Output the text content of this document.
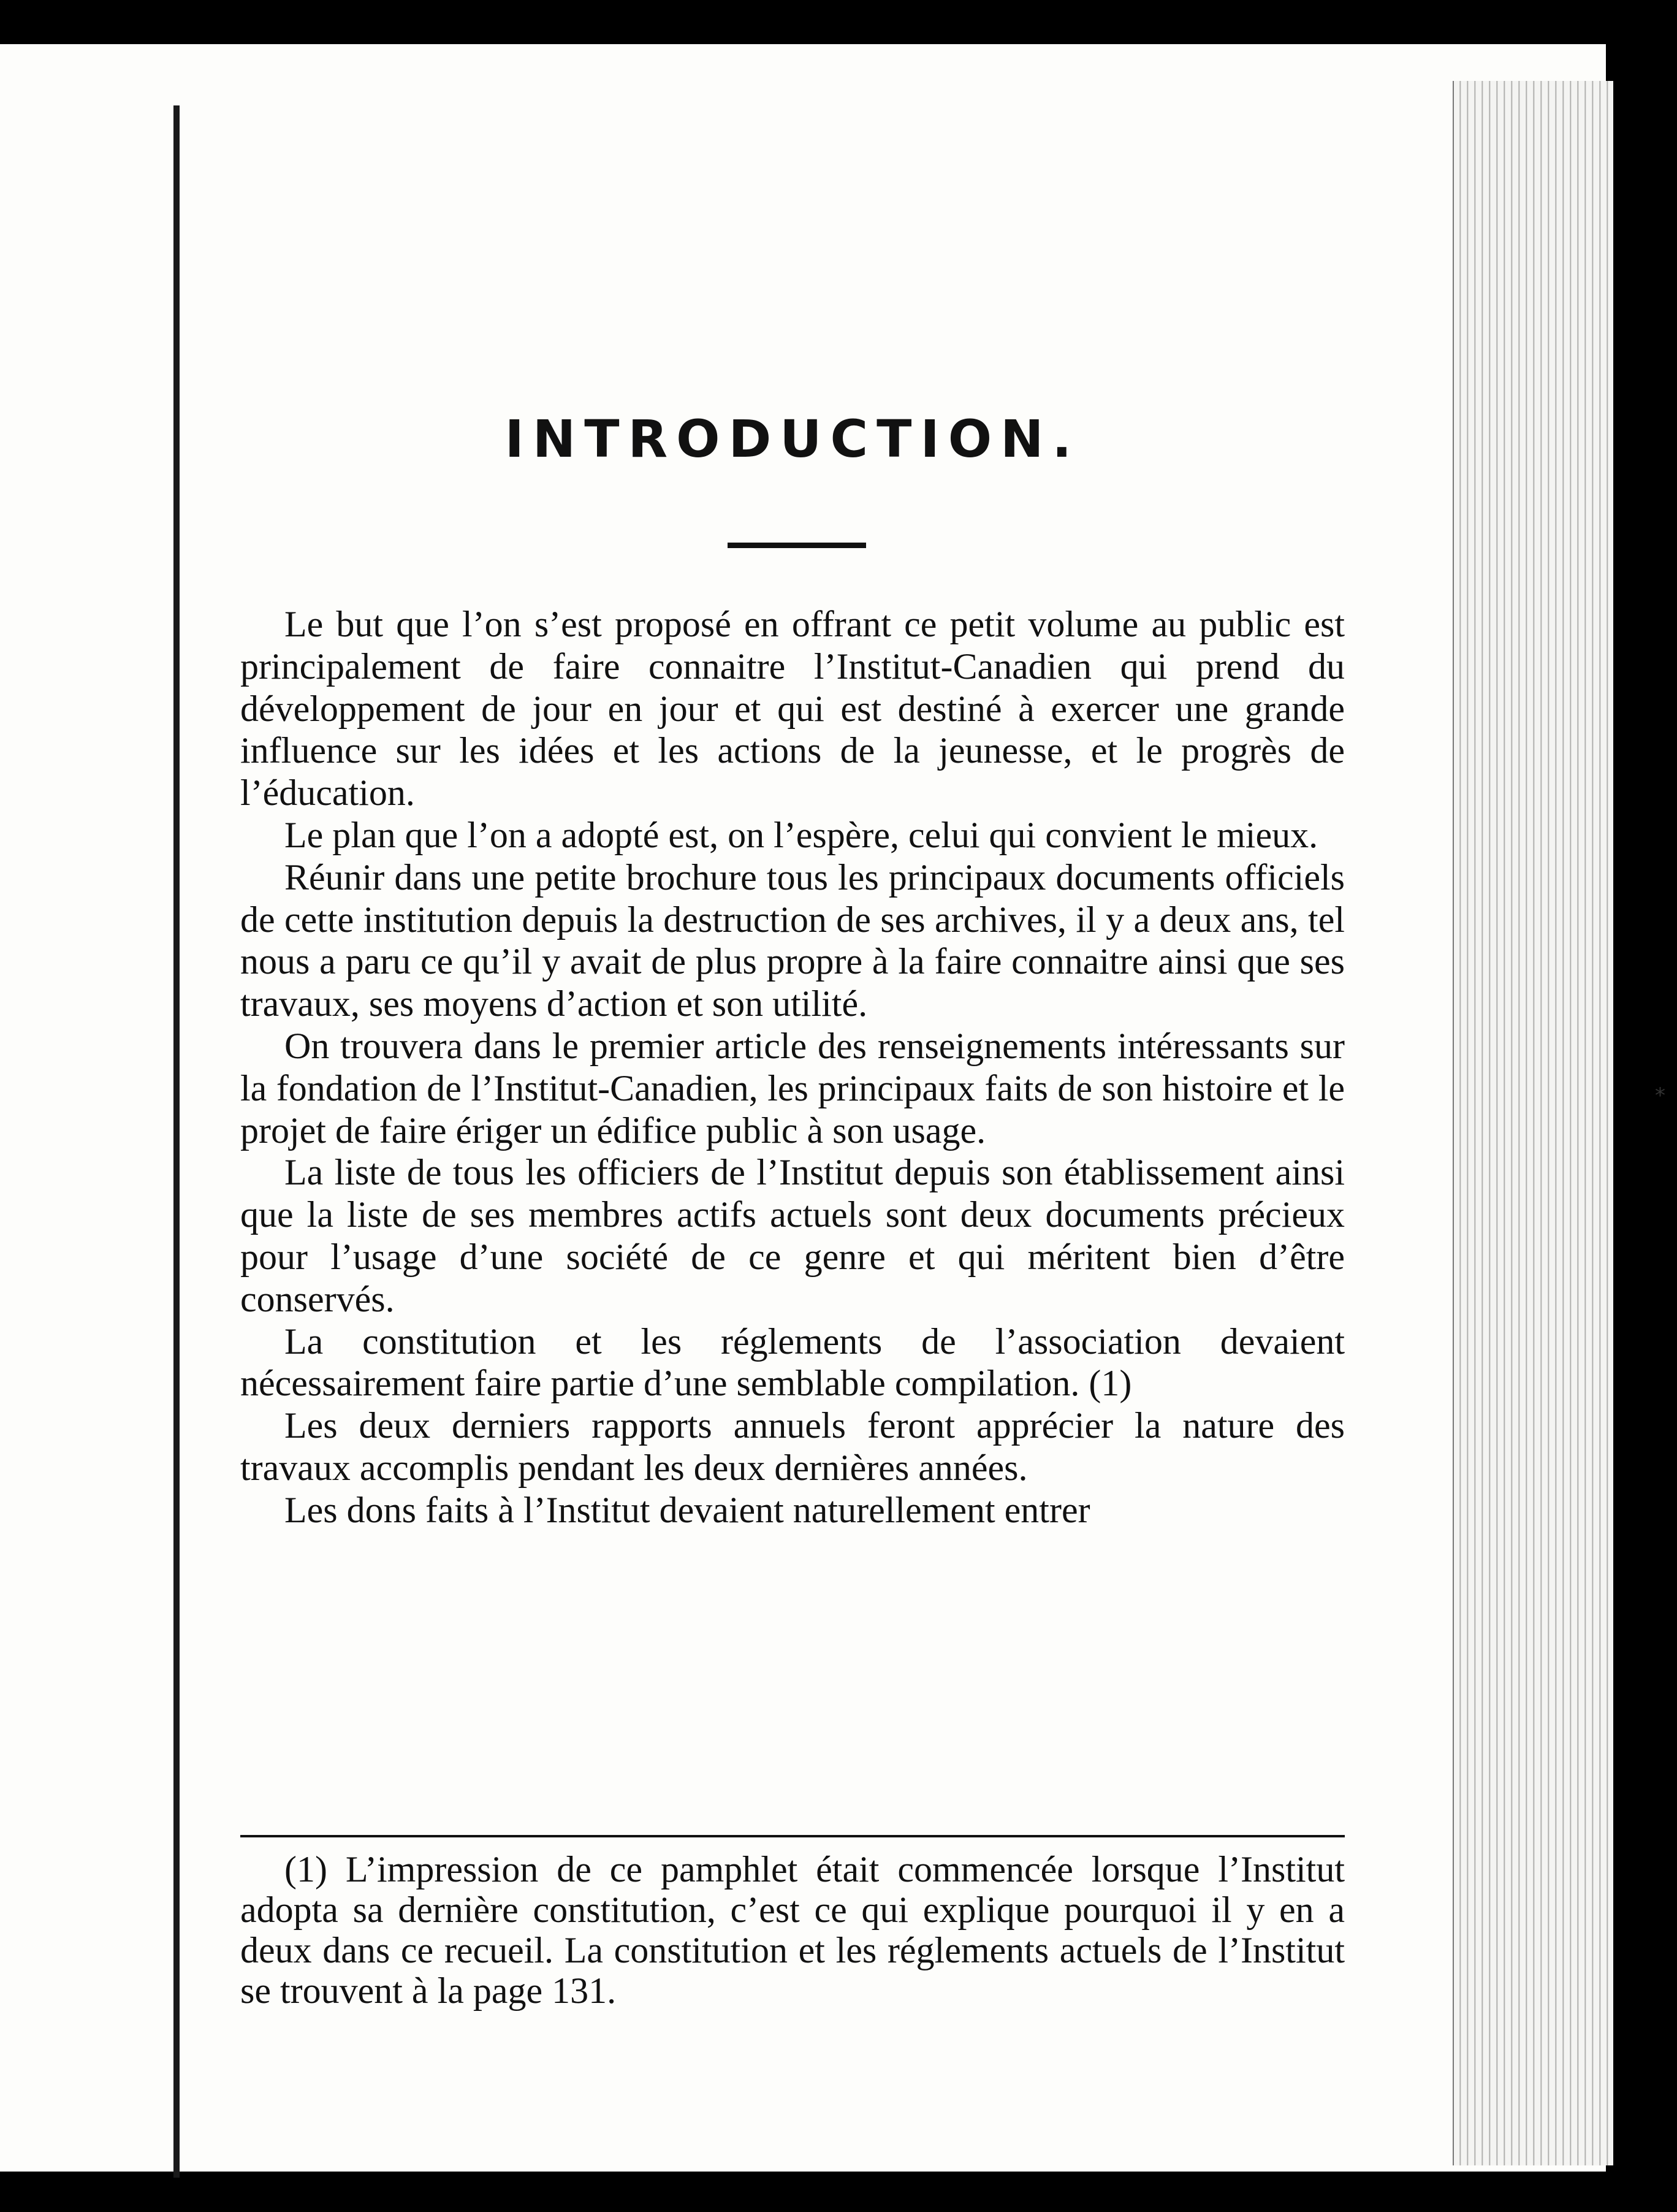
INTRODUCTION.

Le but que l’on s’est proposé en offrant ce petit volume au public est principalement de faire connaitre l’Institut-Canadien qui prend du développement de jour en jour et qui est destiné à exercer une grande influence sur les idées et les actions de la jeunesse, et le progrès de l’éducation.

Le plan que l’on a adopté est, on l’espère, celui qui convient le mieux.

Réunir dans une petite brochure tous les principaux documents officiels de cette institution depuis la destruction de ses archives, il y a deux ans, tel nous a paru ce qu’il y avait de plus propre à la faire connaitre ainsi que ses travaux, ses moyens d’action et son utilité.

On trouvera dans le premier article des renseignements intéressants sur la fondation de l’Institut-Canadien, les principaux faits de son histoire et le projet de faire ériger un édifice public à son usage.

La liste de tous les officiers de l’Institut depuis son établissement ainsi que la liste de ses membres actifs actuels sont deux documents précieux pour l’usage d’une société de ce genre et qui méritent bien d’être conservés.

La constitution et les réglements de l’association devaient nécessairement faire partie d’une semblable compilation. (1)

Les deux derniers rapports annuels feront apprécier la nature des travaux accomplis pendant les deux dernières années.

Les dons faits à l’Institut devaient naturellement entrer

(1) L’impression de ce pamphlet était commencée lorsque l’Institut adopta sa dernière constitution, c’est ce qui explique pourquoi il y en a deux dans ce recueil. La constitution et les réglements actuels de l’Institut se trouvent à la page 131.

*
